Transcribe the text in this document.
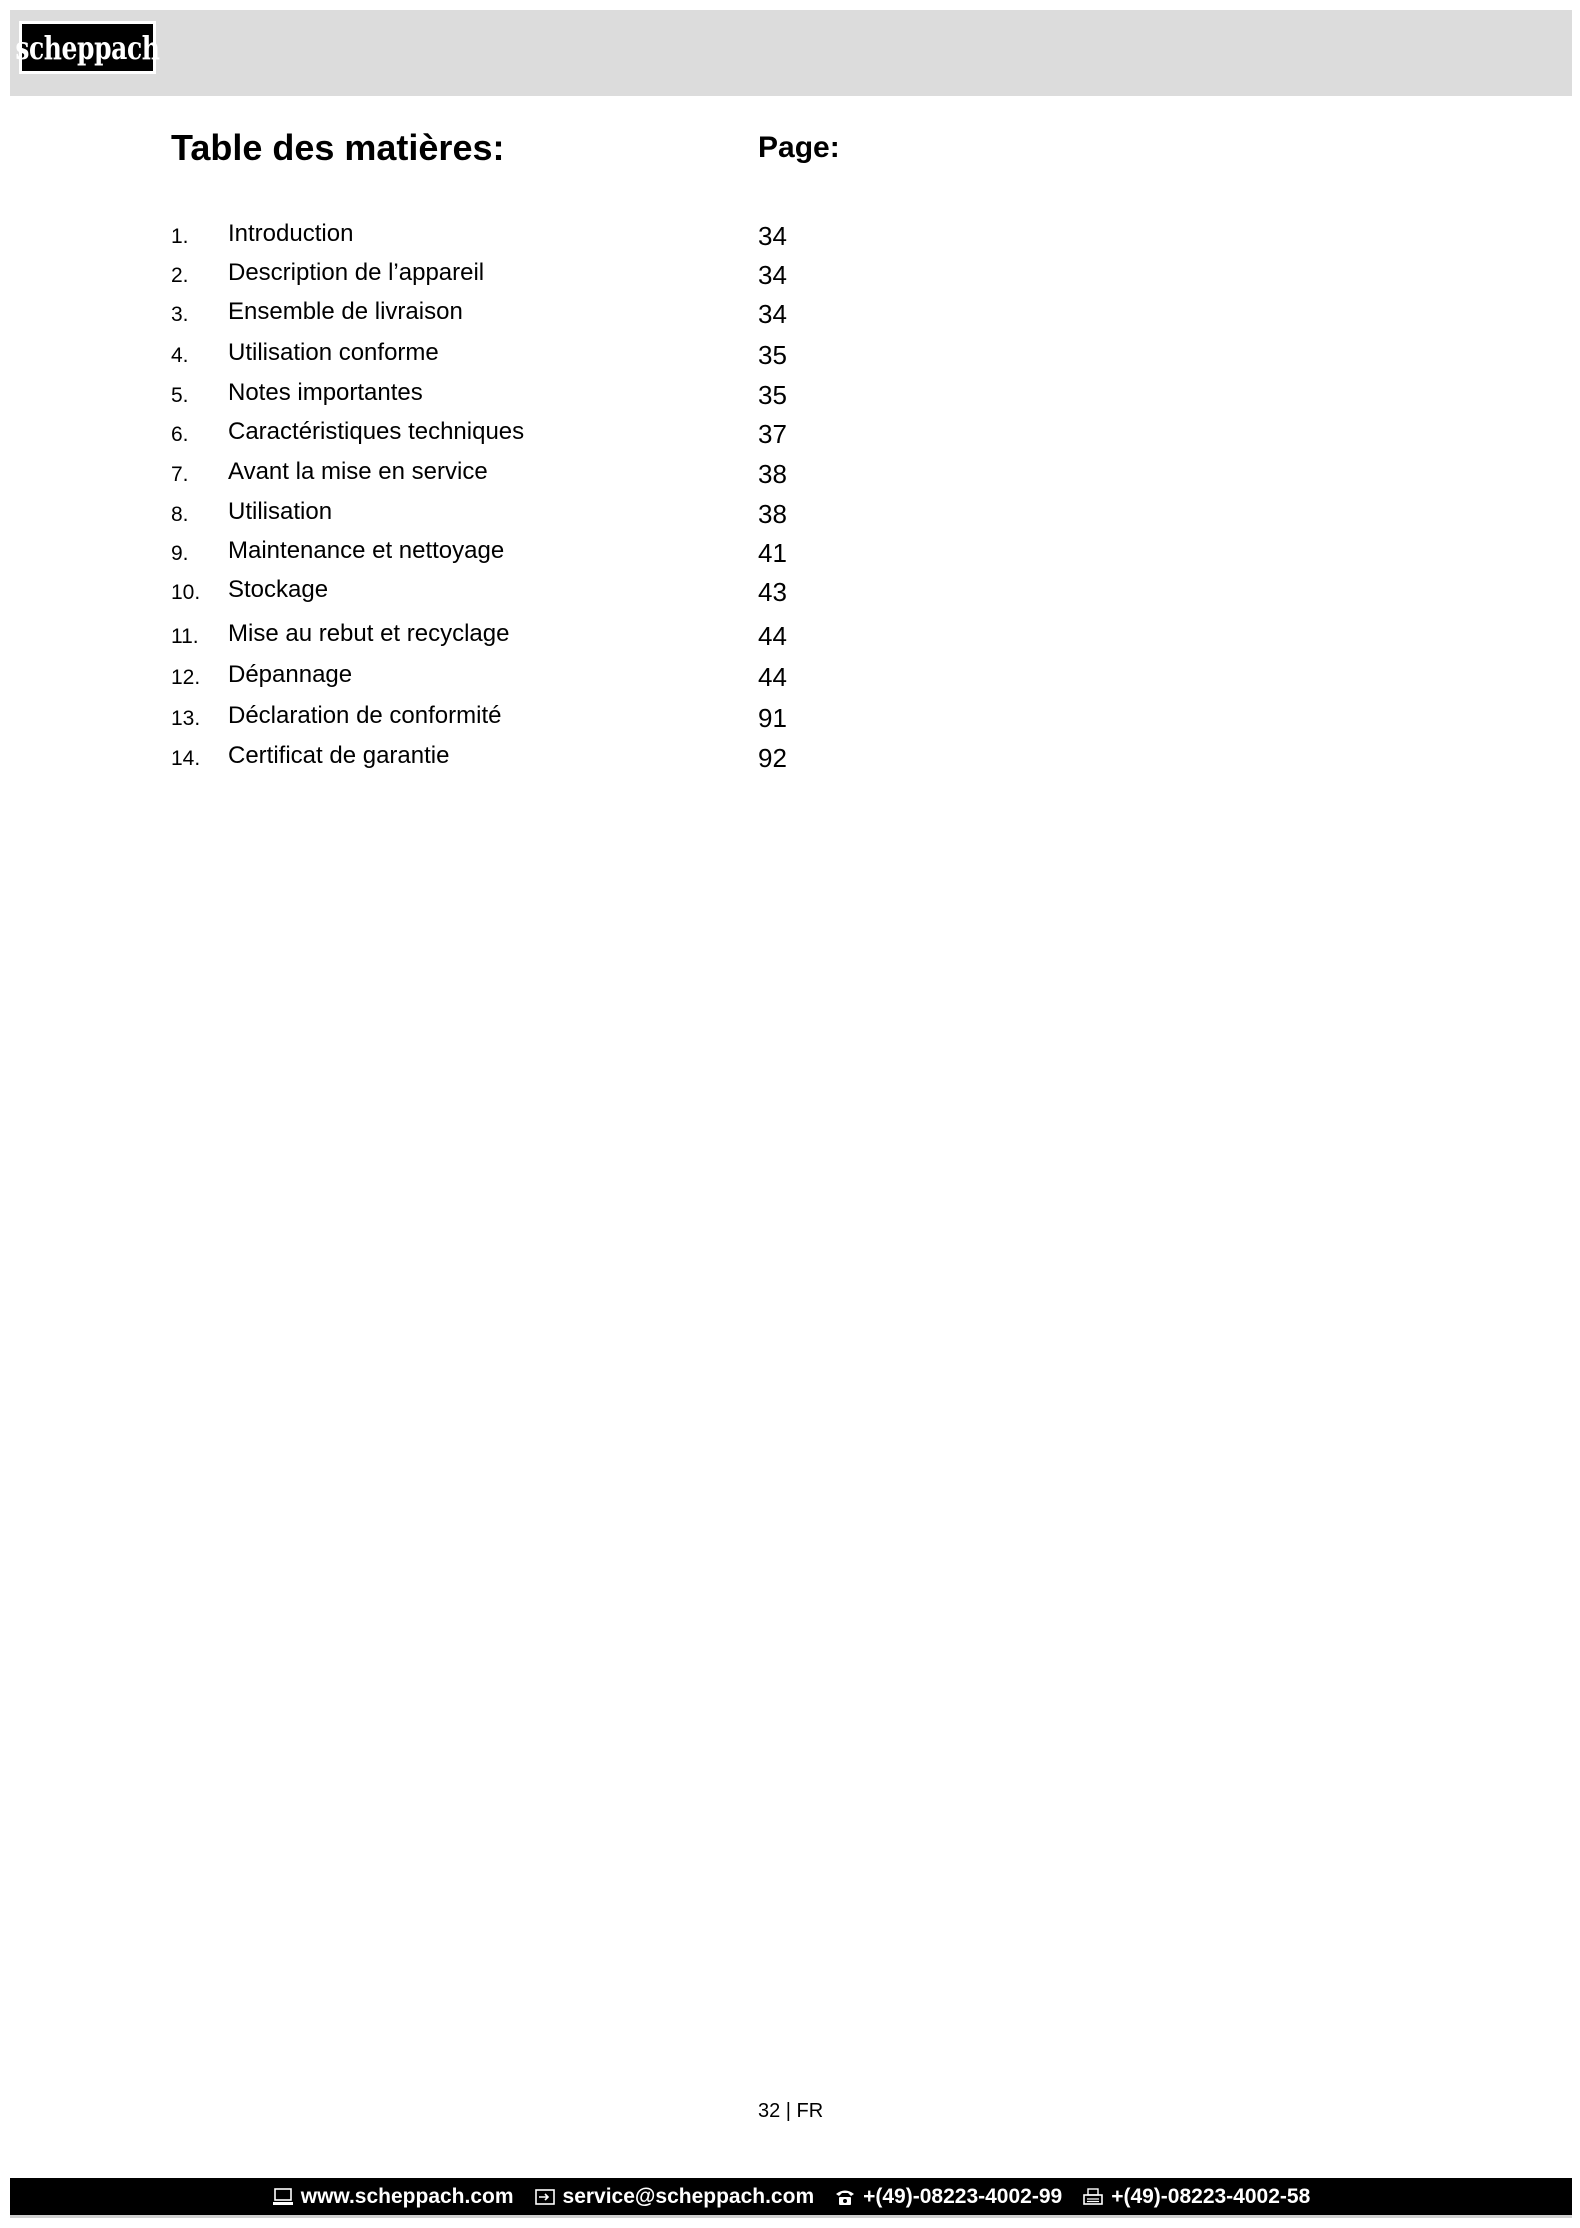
scheppach
Table des matières:	Page:
1. Introduction	34
2. Description de l’appareil	34
3. Ensemble de livraison	34
4. Utilisation conforme	35
5. Notes importantes	35
6. Caractéristiques techniques	37
7. Avant la mise en service	38
8. Utilisation	38
9. Maintenance et nettoyage	41
10. Stockage	43
11. Mise au rebut et recyclage	44
12. Dépannage	44
13. Déclaration de conformité	91
14. Certificat de garantie	92
32 | FR
www.scheppach.com service@scheppach.com +(49)-08223-4002-99 +(49)-08223-4002-58
